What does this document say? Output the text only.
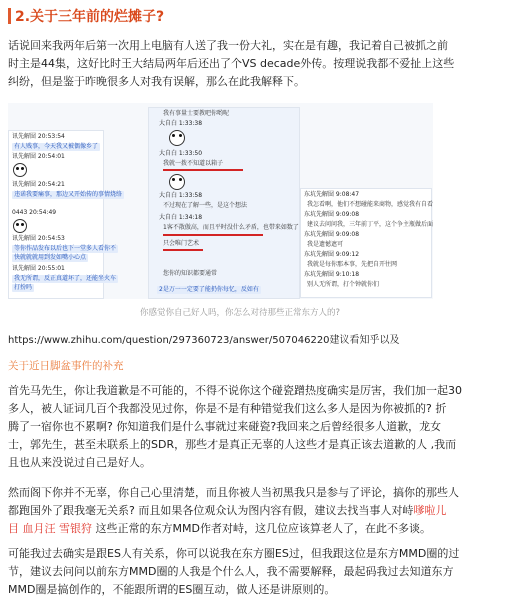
2.关于三年前的烂摊子?
话说回来我两年后第一次用上电脑有人送了我一份大礼，实在是有趣，我记着自己被抓之前
时主是44集，这好比时王大结局两年后还出了个VS decade外传。按理说我都不爱扯上这些
纠纷，但是鉴于昨晚很多人对我有误解，那么在此我解释下。
讯先解囧 20:53:54
有人贱事，今天我又被偶像乡了
讯先解囧 20:54:01
讯先解囧 20:54:21
违诺我要痛事，那边又开始传的事情烧络
0443 20:54:49
讯先解囧 20:54:53
等你作品发布以后也下一堂多人看你不
快就就就用到发如嘴小心点
讯先解囧 20:55:01
我无所谓，反正真道坏了，还能坐火车
打扮吗
我有事量士要教吧你哟呢
大自白 1:33:38
大自白 1:33:50
我就一拨不知道以箱子
大自白 1:33:58
不过现在了解一些，是这个想法
大自白 1:34:18
1客不散傲高，而且平时没什么矛盾，也带来如数了
只会唯门艺术
您你的知识都要通常
2是万一一定要了能扔你每忆，反如有
东坑先解囧 9:08:47
我怎看啊，他们不想碰能来商物，感觉我有自看
东坑先解囧 9:09:08
建议去问问我，三年前丁平，这个争主瓶做后面
东坑先解囧 9:09:08
我是遗憾遮可
东坑先解囧 9:09:12
我就是每你那本事，先把自开往网
东坑先解囧 9:10:18
别人无所谓，打个钟就你们
你感觉你自己好人吗，你怎么对待那些正常东方人的?
https://www.zhihu.com/question/297360723/answer/507046220建议看知乎以及
关于近日脚盆事件的补充
首先马先生，你让我道歉是不可能的，不得不说你这个碰瓷蹭热度确实是厉害，我们加一起30
多人，被人证词几百个我都没见过你，你是不是有种错觉我们这么多人是因为你被抓的? 折
腾了一宿你也不累啊? 你知道我们是什么事就过来碰瓷?我回来之后曾经很多人道歉，龙女
士，郭先生，甚至未联系上的SDR，那些才是真正无辜的人这些才是真正该去道歉的人 ,我而
且也从来没说过自己是好人。
然而阁下你并不无辜，你自己心里清楚，而且你被人当初黑我只是参与了评论，搞你的那些人
都跑国外了跟我毫无关系? 而且如果各位观众认为图内容有假，建议去找当事人对峙嗲啦儿
目 血月汪 雪银狩 这些正常的东方MMD作者对峙，这几位应该算老人了，在此不多谈。
可能我过去确实是跟ES人有关系，你可以说我在东方圈ES过，但我跟这位是东方MMD圈的过
节，建议去问问以前东方MMD圈的人我是个什么人，我不需要解释，最起码我过去知道东方
MMD圈是搞创作的，不能跟所谓的ES圈互动，做人还是讲原则的。
